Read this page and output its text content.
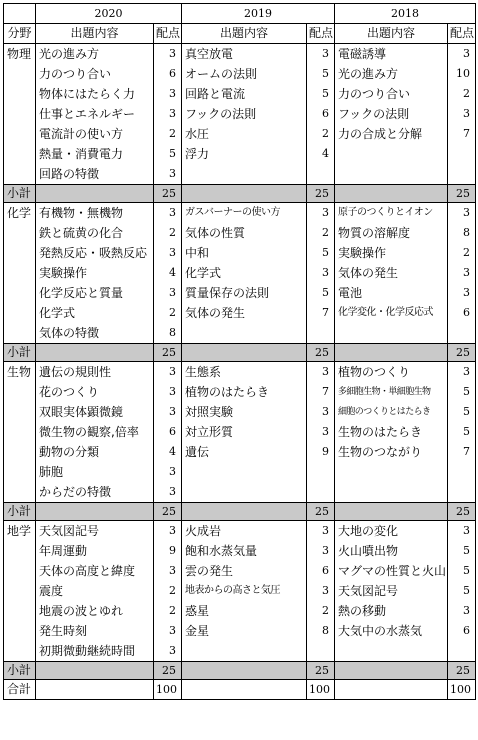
	2020		2019		2018	
分野	出題内容	配点	出題内容	配点	出題内容	配点
物理	光の進み方	3	真空放電	3	電磁誘導	3
	力のつり合い	6	オームの法則	5	光の進み方	10
	物体にはたらく力	3	回路と電流	5	力のつり合い	2
	仕事とエネルギー	3	フックの法則	6	フックの法則	3
	電流計の使い方	2	水圧	2	力の合成と分解	7
	熱量・消費電力	5	浮力	4		
	回路の特徴	3				
小計		25		25		25
化学	有機物・無機物	3	ガスバーナーの使い方	3	原子のつくりとイオン	3
	鉄と硫黄の化合	2	気体の性質	2	物質の溶解度	8
	発熱反応・吸熱反応	3	中和	5	実験操作	2
	実験操作	4	化学式	3	気体の発生	3
	化学反応と質量	3	質量保存の法則	5	電池	3
	化学式	2	気体の発生	7	化学変化・化学反応式	6
	気体の特徴	8				
小計		25		25		25
生物	遺伝の規則性	3	生態系	3	植物のつくり	3
	花のつくり	3	植物のはたらき	7	多細胞生物・単細胞生物	5
	双眼実体顕微鏡	3	対照実験	3	細胞のつくりとはたらき	5
	微生物の観察,倍率	6	対立形質	3	生物のはたらき	5
	動物の分類	4	遺伝	9	生物のつながり	7
	肺胞	3				
	からだの特徴	3				
小計		25		25		25
地学	天気図記号	3	火成岩	3	大地の変化	3
	年周運動	9	飽和水蒸気量	3	火山噴出物	5
	天体の高度と緯度	3	雲の発生	6	マグマの性質と火山	5
	震度	2	地表からの高さと気圧	3	天気図記号	5
	地震の波とゆれ	2	惑星	2	熱の移動	3
	発生時刻	3	金星	8	大気中の水蒸気	6
	初期微動継続時間	3				
小計		25		25		25
合計		100		100		100
